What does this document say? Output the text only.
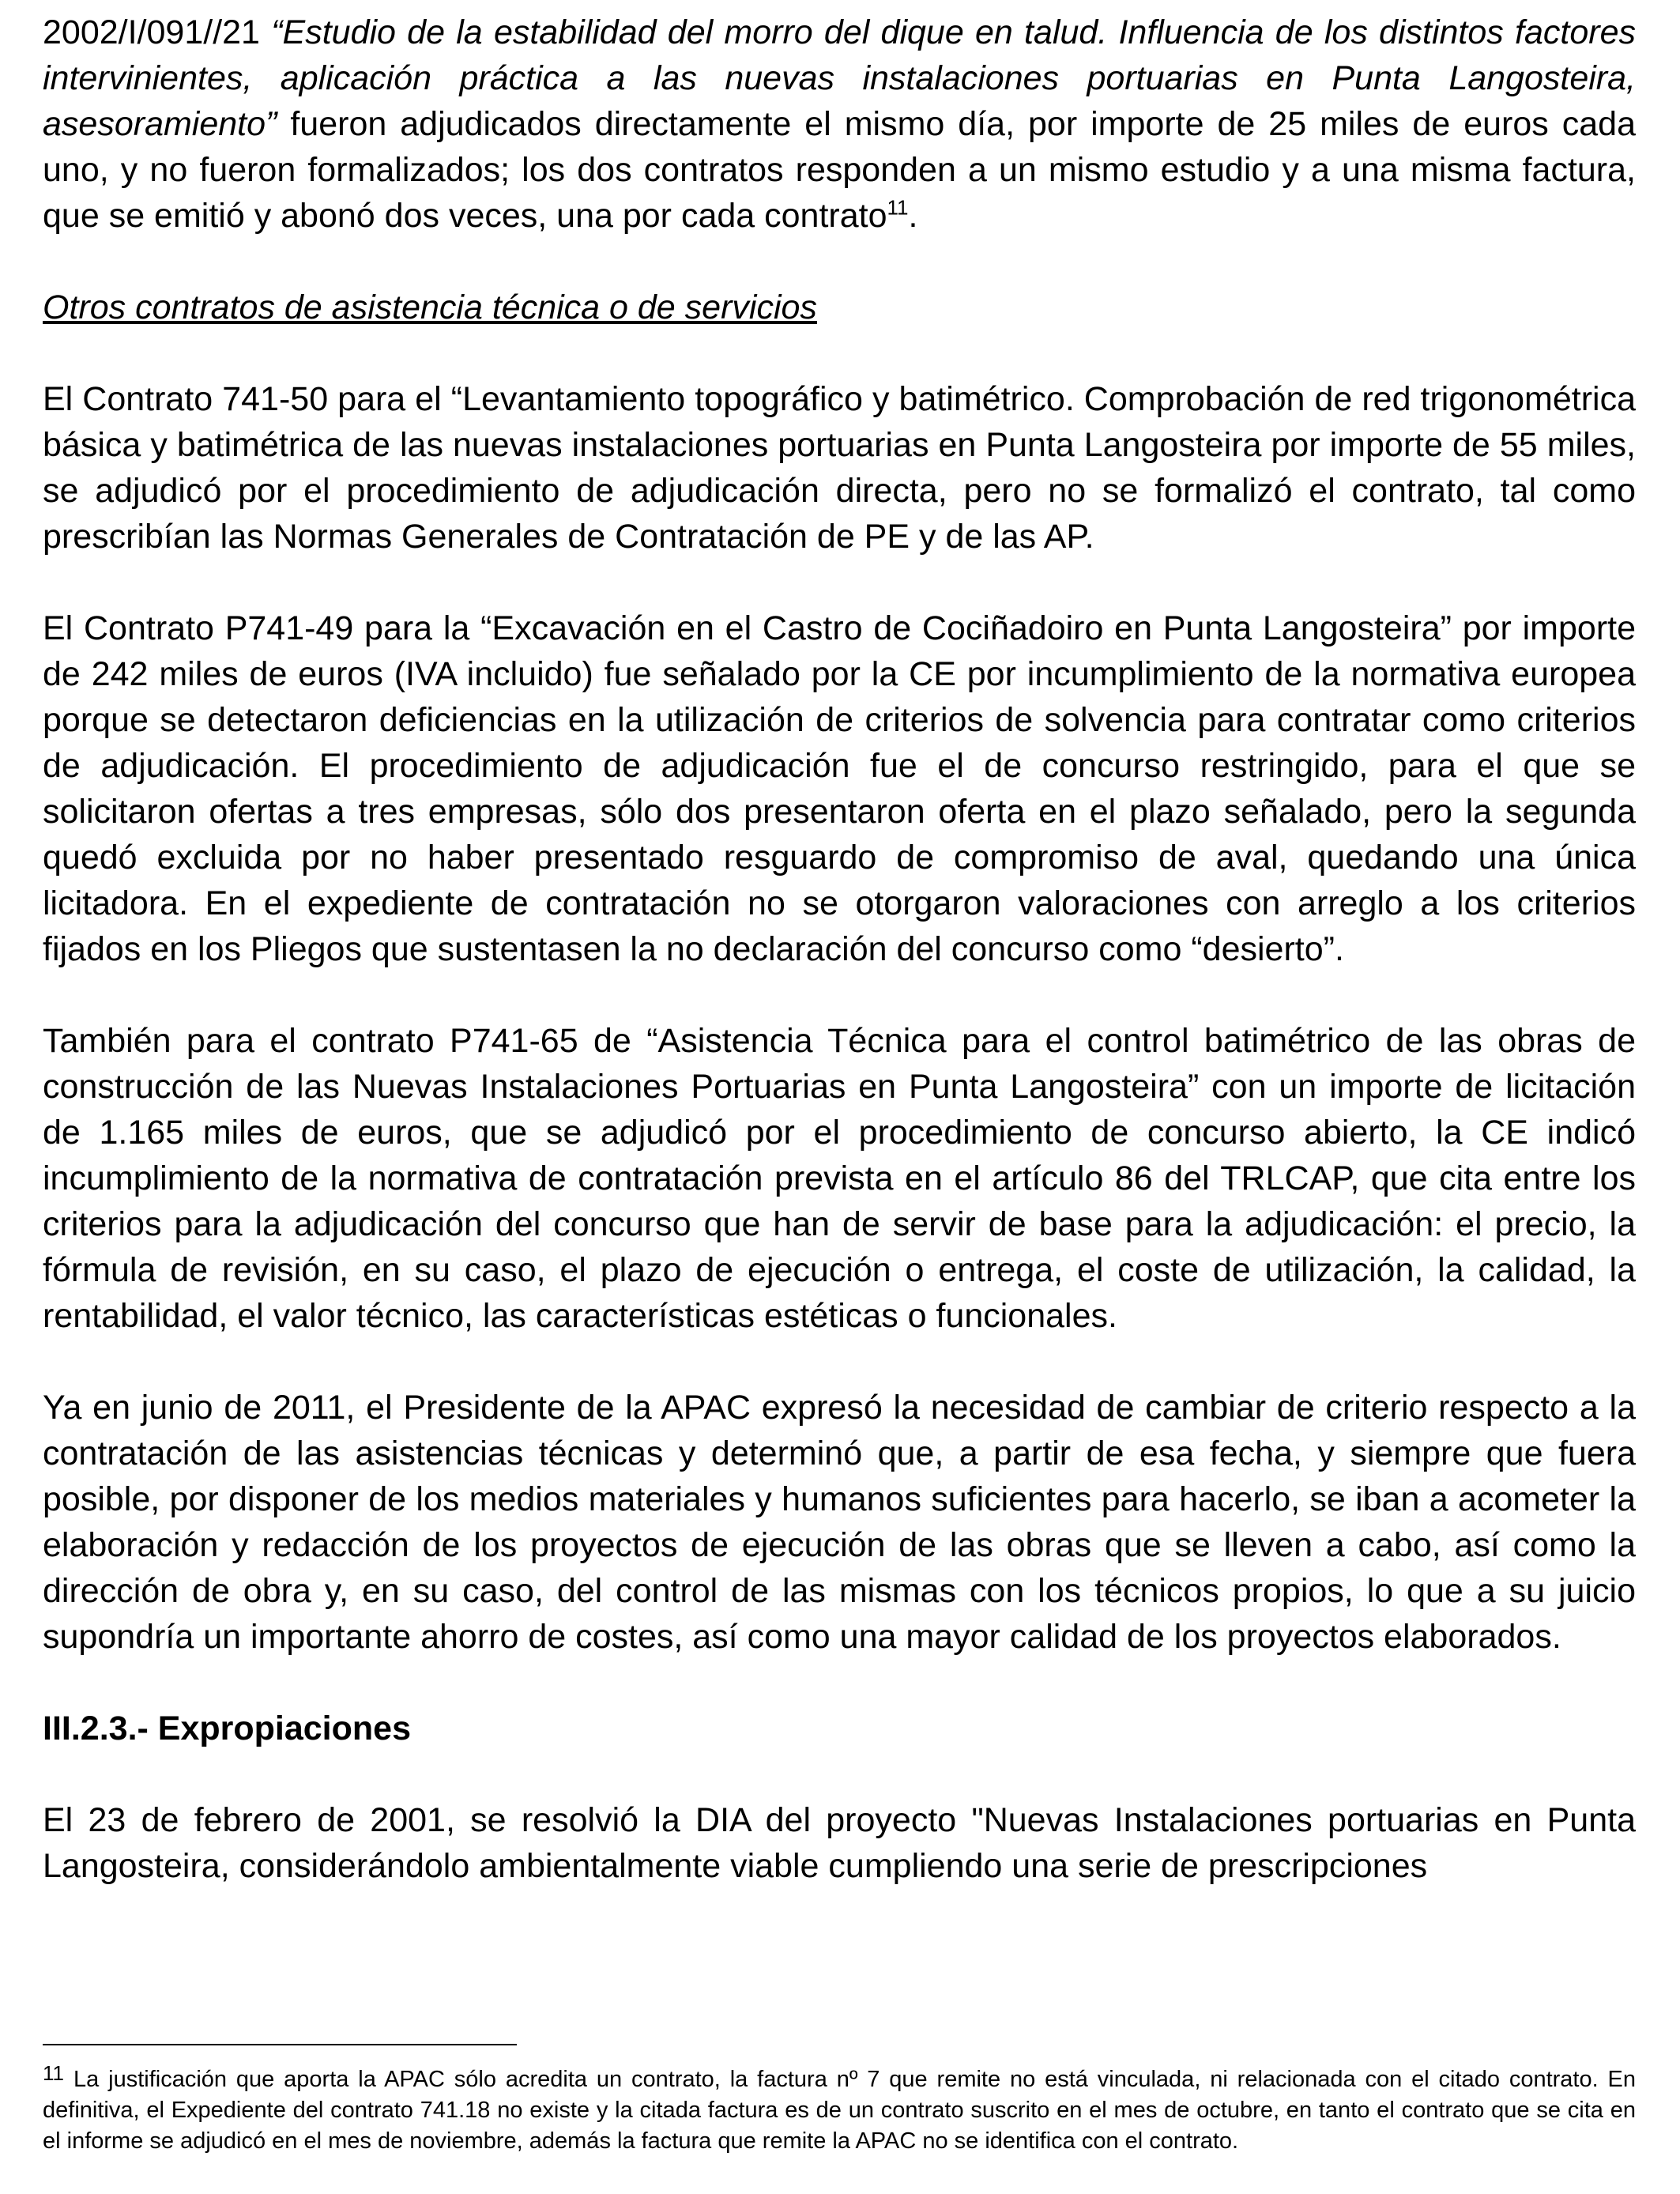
2002/I/091//21 “Estudio de la estabilidad del morro del dique en talud. Influencia de los distintos factores intervinientes, aplicación práctica a las nuevas instalaciones portuarias en Punta Langosteira, asesoramiento” fueron adjudicados directamente el mismo día, por importe de 25 miles de euros cada uno, y no fueron formalizados; los dos contratos responden a un mismo estudio y a una misma factura, que se emitió y abonó dos veces, una por cada contrato$^{11}$.

Otros contratos de asistencia técnica o de servicios

El Contrato 741-50 para el “Levantamiento topográfico y batimétrico. Comprobación de red trigonométrica básica y batimétrica de las nuevas instalaciones portuarias en Punta Langosteira por importe de 55 miles, se adjudicó por el procedimiento de adjudicación directa, pero no se formalizó el contrato, tal como prescribían las Normas Generales de Contratación de PE y de las AP.

El Contrato P741-49 para la “Excavación en el Castro de Cociñadoiro en Punta Langosteira” por importe de 242 miles de euros (IVA incluido) fue señalado por la CE por incumplimiento de la normativa europea porque se detectaron deficiencias en la utilización de criterios de solvencia para contratar como criterios de adjudicación. El procedimiento de adjudicación fue el de concurso restringido, para el que se solicitaron ofertas a tres empresas, sólo dos presentaron oferta en el plazo señalado, pero la segunda quedó excluida por no haber presentado resguardo de compromiso de aval, quedando una única licitadora. En el expediente de contratación no se otorgaron valoraciones con arreglo a los criterios fijados en los Pliegos que sustentasen la no declaración del concurso como “desierto”.

También para el contrato P741-65 de “Asistencia Técnica para el control batimétrico de las obras de construcción de las Nuevas Instalaciones Portuarias en Punta Langosteira” con un importe de licitación de 1.165 miles de euros, que se adjudicó por el procedimiento de concurso abierto, la CE indicó incumplimiento de la normativa de contratación prevista en el artículo 86 del TRLCAP, que cita entre los criterios para la adjudicación del concurso que han de servir de base para la adjudicación: el precio, la fórmula de revisión, en su caso, el plazo de ejecución o entrega, el coste de utilización, la calidad, la rentabilidad, el valor técnico, las características estéticas o funcionales.

Ya en junio de 2011, el Presidente de la APAC expresó la necesidad de cambiar de criterio respecto a la contratación de las asistencias técnicas y determinó que, a partir de esa fecha, y siempre que fuera posible, por disponer de los medios materiales y humanos suficientes para hacerlo, se iban a acometer la elaboración y redacción de los proyectos de ejecución de las obras que se lleven a cabo, así como la dirección de obra y, en su caso, del control de las mismas con los técnicos propios, lo que a su juicio supondría un importante ahorro de costes, así como una mayor calidad de los proyectos elaborados.

III.2.3.- Expropiaciones

El 23 de febrero de 2001, se resolvió la DIA del proyecto "Nuevas Instalaciones portuarias en Punta Langosteira, considerándolo ambientalmente viable cumpliendo una serie de prescripciones

$^{11}$ La justificación que aporta la APAC sólo acredita un contrato, la factura nº 7 que remite no está vinculada, ni relacionada con el citado contrato. En definitiva, el Expediente del contrato 741.18 no existe y la citada factura es de un contrato suscrito en el mes de octubre, en tanto el contrato que se cita en el informe se adjudicó en el mes de noviembre, además la factura que remite la APAC no se identifica con el contrato.
